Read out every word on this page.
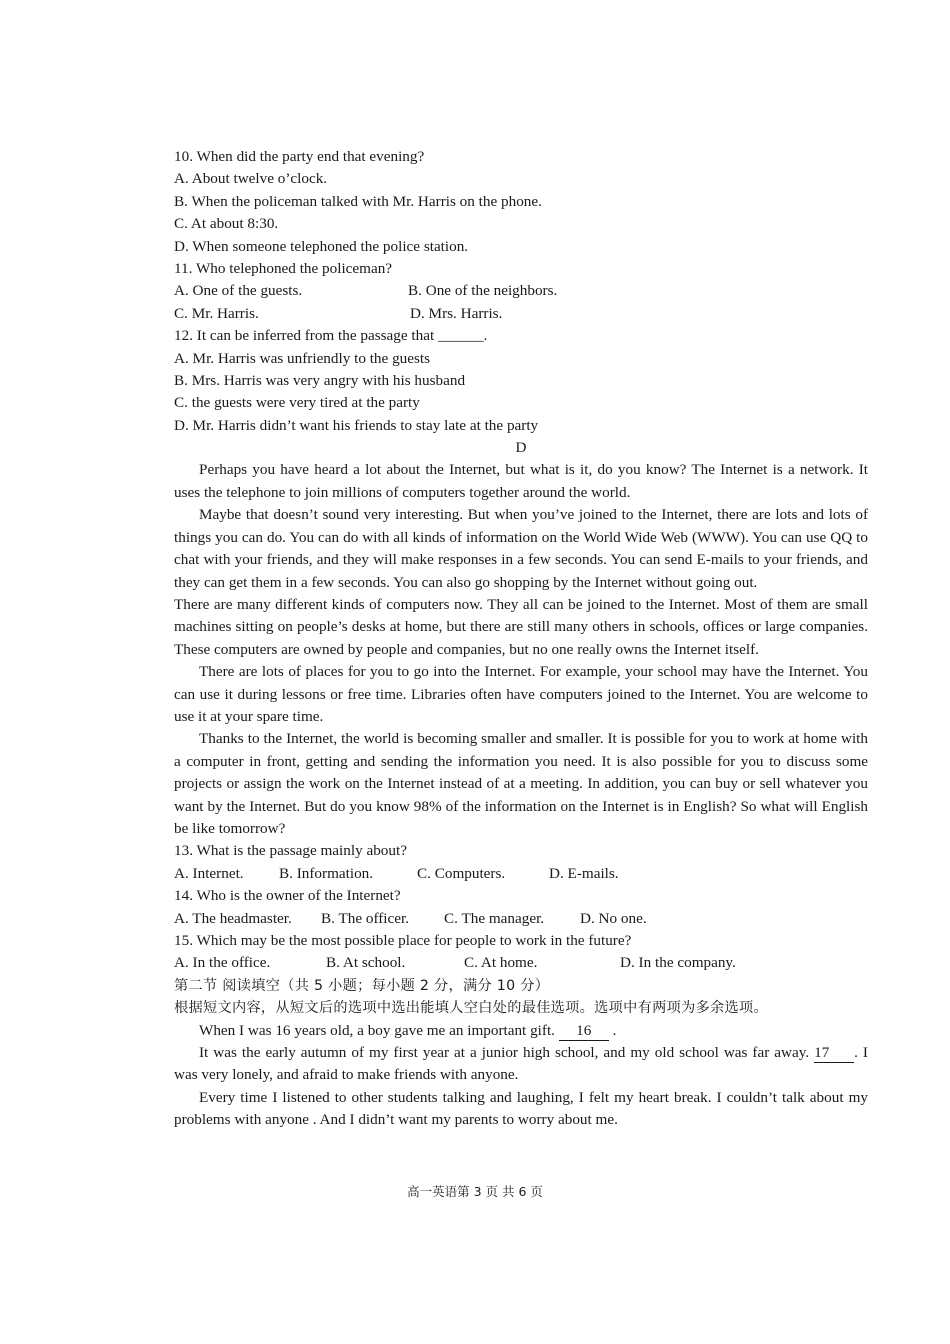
10. When did the party end that evening?
A. About twelve o’clock.
B. When the policeman talked with Mr. Harris on the phone.
C. At about 8:30.
D. When someone telephoned the police station.
11. Who telephoned the policeman?
A. One of the guests.	B. One of the neighbors.
C. Mr. Harris.	D. Mrs. Harris.
12. It can be inferred from the passage that ______.
A. Mr. Harris was unfriendly to the guests
B. Mrs. Harris was very angry with his husband
C. the guests were very tired at the party
D. Mr. Harris didn’t want his friends to stay late at the party
D
Perhaps you have heard a lot about the Internet, but what is it, do you know? The Internet is a network. It uses the telephone to join millions of computers together around the world.
Maybe that doesn’t sound very interesting. But when you’ve joined to the Internet, there are lots and lots of things you can do. You can do with all kinds of information on the World Wide Web (WWW). You can use QQ to chat with your friends, and they will make responses in a few seconds. You can send E-mails to your friends, and they can get them in a few seconds. You can also go shopping by the Internet without going out.
There are many different kinds of computers now. They all can be joined to the Internet. Most of them are small machines sitting on people’s desks at home, but there are still many others in schools, offices or large companies. These computers are owned by people and companies, but no one really owns the Internet itself.
There are lots of places for you to go into the Internet. For example, your school may have the Internet. You can use it during lessons or free time. Libraries often have computers joined to the Internet. You are welcome to use it at your spare time.
Thanks to the Internet, the world is becoming smaller and smaller. It is possible for you to work at home with a computer in front, getting and sending the information you need. It is also possible for you to discuss some projects or assign the work on the Internet instead of at a meeting. In addition, you can buy or sell whatever you want by the Internet. But do you know 98% of the information on the Internet is in English? So what will English be like tomorrow?
13. What is the passage mainly about?
A. Internet.	B. Information.	C. Computers.	D. E-mails.
14. Who is the owner of the Internet?
A. The headmaster.	B. The officer.	C. The manager.	D. No one.
15. Which may be the most possible place for people to work in the future?
A. In the office.	B. At school.	C. At home.	D. In the company.
第二节 阅读填空（共 5 小题；每小题 2 分，满分 10 分）
根据短文内容，从短文后的选项中选出能填人空白处的最佳选项。选项中有两项为多余选项。
When I was 16 years old, a boy gave me an important gift. 16 .
It was the early autumn of my first year at a junior high school, and my old school was far away. 17 . I was very lonely, and afraid to make friends with anyone.
Every time I listened to other students talking and laughing, I felt my heart break. I couldn’t talk about my problems with anyone . And I didn’t want my parents to worry about me.
高一英语第 3 页 共 6 页
